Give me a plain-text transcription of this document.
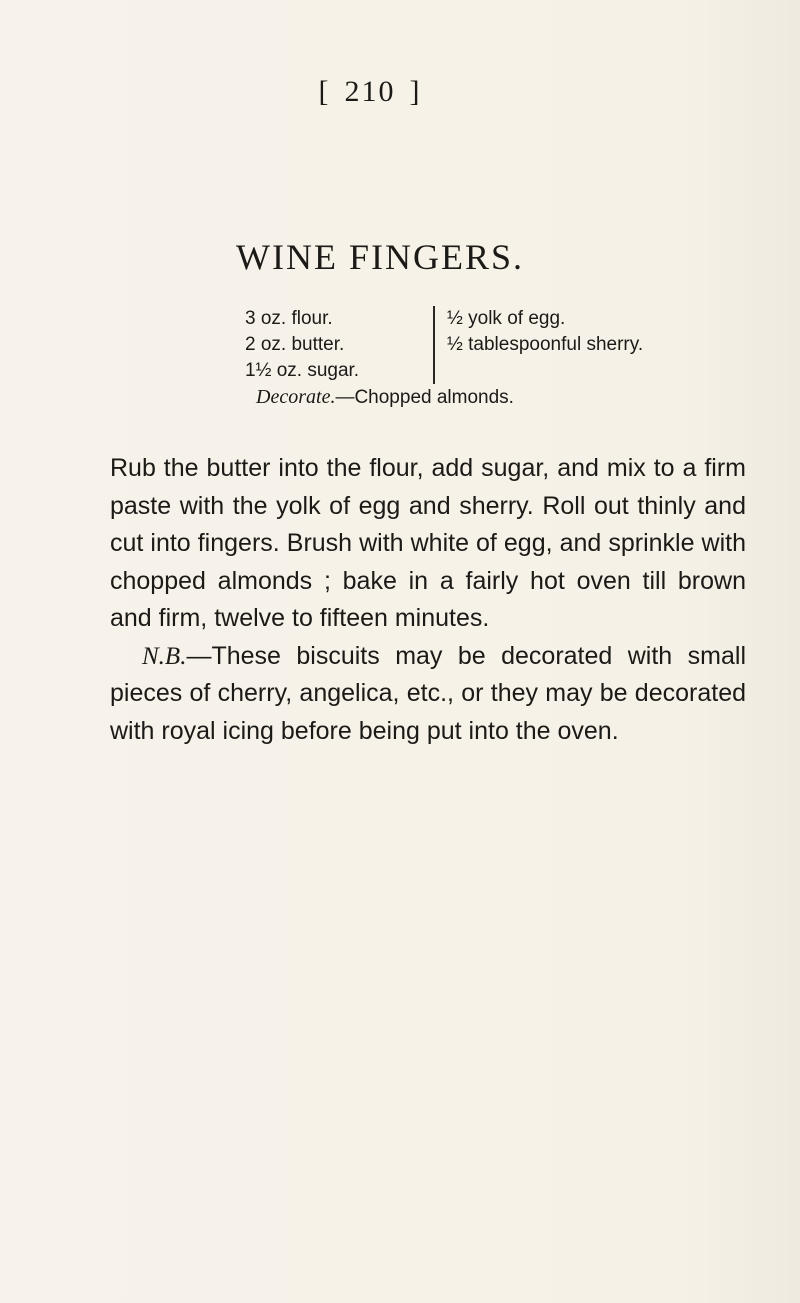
[ 210 ]
WINE FINGERS.
3 oz. flour.
2 oz. butter.
1½ oz. sugar.
½ yolk of egg.
½ tablespoonful sherry.
Decorate.—Chopped almonds.

Rub the butter into the flour, add sugar, and mix to a firm paste with the yolk of egg and sherry. Roll out thinly and cut into fingers. Brush with white of egg, and sprinkle with chopped almonds ; bake in a fairly hot oven till brown and firm, twelve to fifteen minutes.

N.B.—These biscuits may be decorated with small pieces of cherry, angelica, etc., or they may be decorated with royal icing before being put into the oven.
